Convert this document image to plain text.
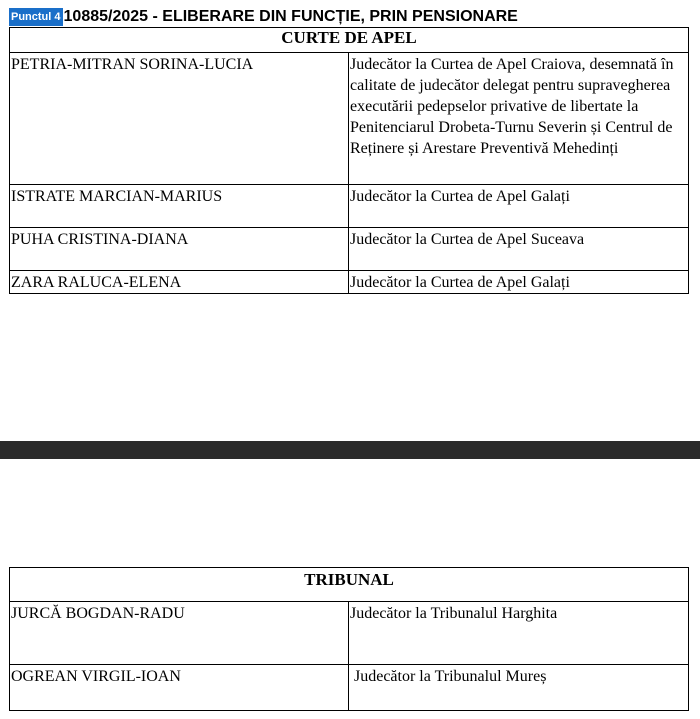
Punctul 4 10885/2025 - ELIBERARE DIN FUNCȚIE, PRIN PENSIONARE
CURTE DE APEL	
PETRIA-MITRAN SORINA-LUCIA	Judecător la Curtea de Apel Craiova, desemnată în calitate de judecător delegat pentru supravegherea executării pedepselor privative de libertate la Penitenciarul Drobeta-Turnu Severin și Centrul de Reținere și Arestare Preventivă Mehedinți
ISTRATE MARCIAN-MARIUS	Judecător la Curtea de Apel Galați
PUHA CRISTINA-DIANA	Judecător la Curtea de Apel Suceava
ZARA RALUCA-ELENA	Judecător la Curtea de Apel Galați
TRIBUNAL	
JURCĂ BOGDAN-RADU	Judecător la Tribunalul Harghita
OGREAN VIRGIL-IOAN	Judecător la Tribunalul Mureș
